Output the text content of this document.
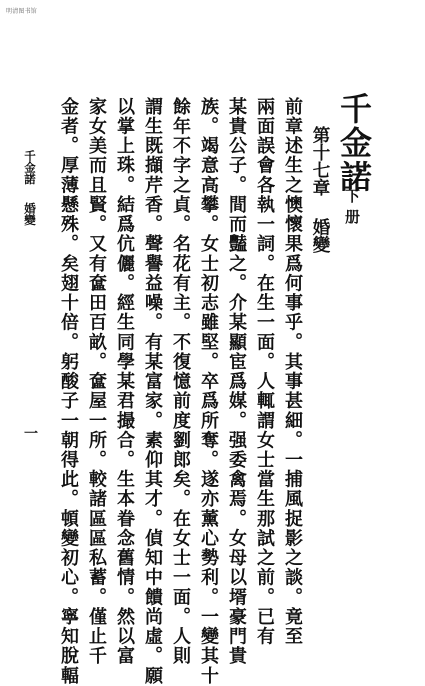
明清图书馆
千金諾
下册
第十七章婚變
前章述生之懊懷果爲何事乎。其事甚細。一捕風捉影之談。竟至
兩面誤會各執一詞。在生一面。人輒謂女士當生那試之前。已有
某貴公子。間而豔之。介某顯宦爲媒。强委禽焉。女母以壻豪門貴
族。竭意高攀。女士初志雖堅。卒爲所奪。遂亦薰心勢利。一變其十
餘年不字之貞。名花有主。不復憶前度劉郎矣。在女士一面。人則
謂生既擷芹香。聲譽益噪。有某富家。素仰其才。偵知中饋尚虛。願
以掌上珠。結爲伉儷。經生同學某君撮合。生本眷念舊情。然以富
家女美而且賢。又有奩田百畝。奩屋一所。較諸區區私蓄。僅止千
金者。厚薄懸殊。矣翅十倍。躬酸子一朝得此。頓變初心。寧知脫輻
千金諾婚變
一
